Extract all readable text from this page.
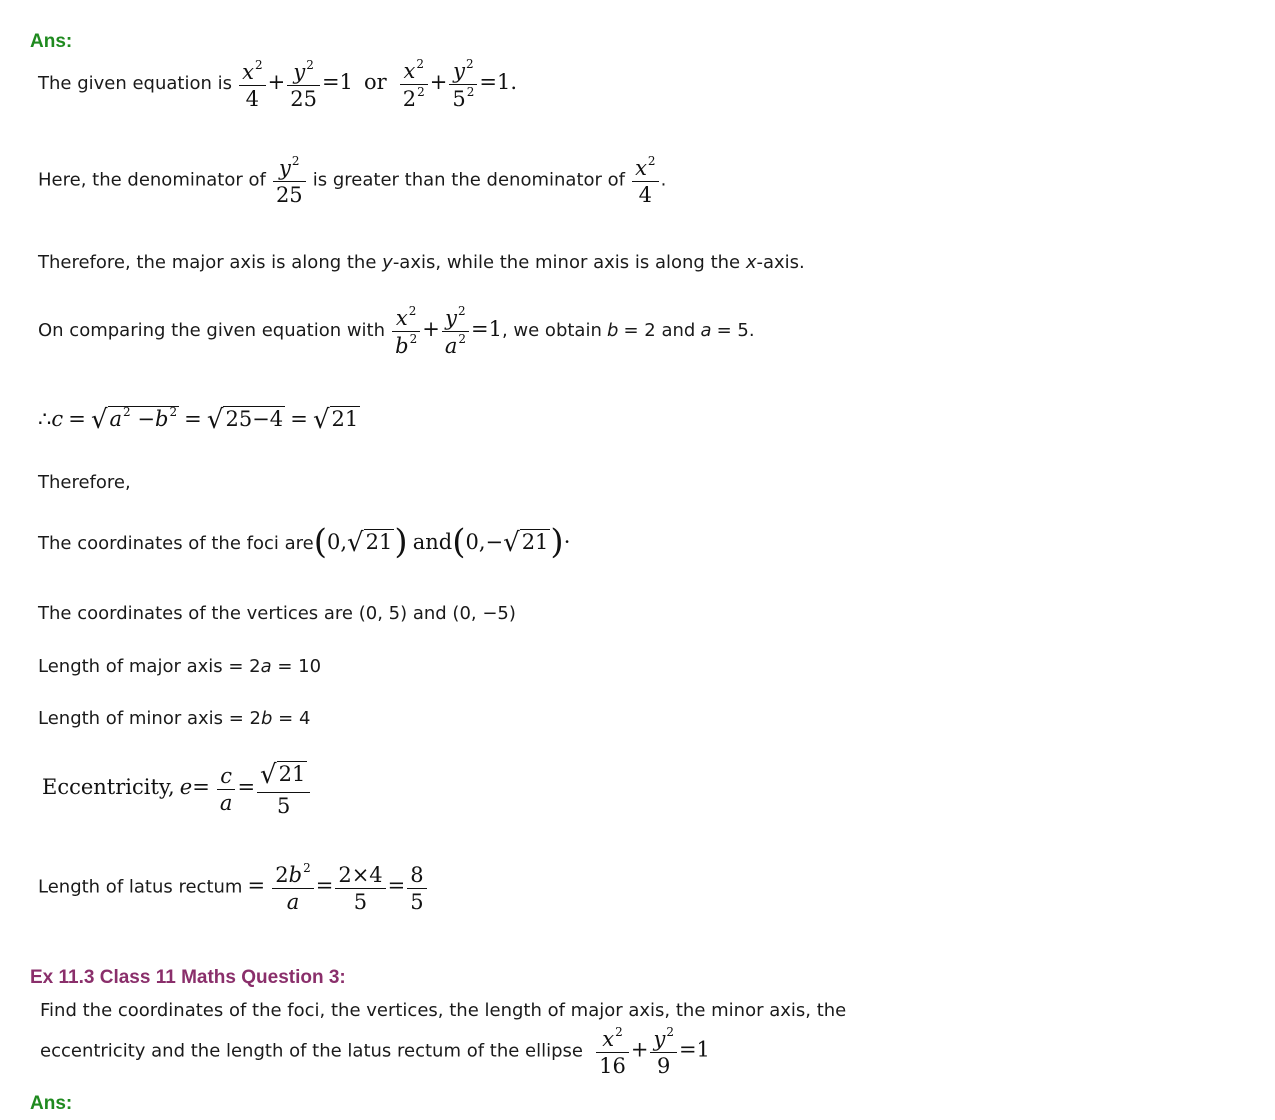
Ans:
The given equation is $\frac{x^2}{4} + \frac{y^2}{25} =1$ or $\frac{x^2}{2^2} + \frac{y^2}{5^2} =1$.
Here, the denominator of $\frac{y^2}{25}$ is greater than the denominator of $\frac{x^2}{4}$ .
Therefore, the major axis is along the y-axis, while the minor axis is along the x-axis.
On comparing the given equation with $\frac{x^2}{b^2} + \frac{y^2}{a^2} =1$, we obtain b = 2 and a = 5.
∴c = $√a^2 -b^2 = √25-4 = √21$
Therefore,
The coordinates of the foci are(0,√21) and(0,−√21)·
The coordinates of the vertices are (0, 5) and (0, −5)
Length of major axis = 2a = 10
Length of minor axis = 2b = 4
Eccentricity, $e= \frac{c}{a} = \frac{√21}{5}$
Length of latus rectum = $\frac{2b^2}{a} = \frac{2\times 4}{5} = \frac{8}{5}$
Ex 11.3 Class 11 Maths Question 3:
Find the coordinates of the foci, the vertices, the length of major axis, the minor axis, the
eccentricity and the length of the latus rectum of the ellipse $\frac{x^2}{16} + \frac{y^2}{9} =1$
Ans:
